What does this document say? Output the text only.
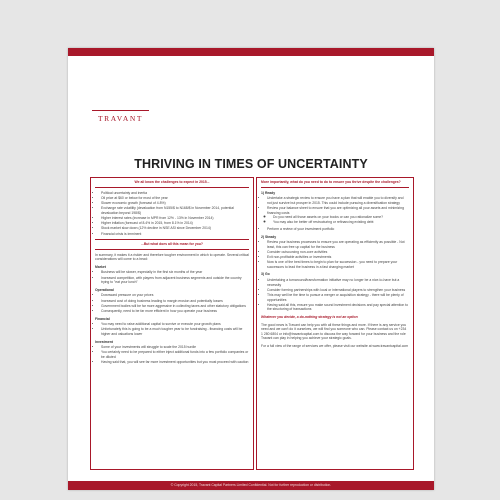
TRAVANT
THRIVING IN TIMES OF UNCERTAINTY
We all know the challenges to expect in 2015...
• Political uncertainty and inertia
• Oil price at $60 or below for most of the year
• Slower economic growth (forecast of 4.8%)
• Exchange rate volatility (devaluation from N155/$ to N168/$ in November 2014, potential devaluation beyond 198/$)
• Higher interest rates (increase in MPR from 12% - 13% in November 2014)
• Higher inflation (forecast of 8.4% in 2015, from 8.1% in 2014)
• Stock market slow down (12% decline in NSE ASI since December 2014)
• Financial crisis is imminent
...But what does all this mean for you?

In summary, it makes it a riskier and therefore tougher environment in which to operate. Several critical considerations will come to a head:

Market
• Business will be slower, especially in the first six months of the year
• Increased competition, with players from adjacent business segments and outside the country trying to "eat your lunch"
Operational
• Downward pressure on your prices
• Increased cost of doing business leading to margin erosion and potentially losses
• Government bodies will be far more aggressive in collecting taxes and other statutory obligations
• Consequently, need to be far more efficient in how you operate your business
Financial
• You may need to raise additional capital to survive or execute your growth plans
• Unfortunately this is going to be a much tougher year to be fundraising - financing costs will be higher and valuations lower
Investment
• Some of your investments will struggle to scale the 2015 hurdle
• You certainly need to be prepared to either inject additional funds into a few portfolio companies or be diluted
• Having said that, you will see far more investment opportunities but you must proceed with caution
More importantly, what do you need to do to ensure you thrive despite the challenges?
1) Ready
• Undertake a strategic review to ensure you have a plan that will enable you to diversify and not just survive but prosper in 2015. This could include pursuing a diversification strategy
• Review your balance sheet to ensure that you are optimizing all your assets and minimizing financing costs
◦ Do you need all those assets on your books or can you rationalize some?
◦ You may also be better off restructuring or refinancing existing debt
• Perform a review of your investment portfolio
2) Steady
• Review your business processes to ensure you are operating as efficiently as possible - Not least, this can free up capital for the business
• Consider outsourcing non-core activities
• Exit non-profitable activities or investments
• Now is one of the best times to begin to plan for succession - you need to prepare your successors to lead the business in a fast changing market
3) Go
• Undertaking a turnaround/transformation initiative may no longer be a nice-to-have but a necessity
• Consider forming partnerships with local or international players to strengthen your business
• This may well be the time to pursue a merger or acquisition strategy - there will be plenty of opportunities
• Having said all this, ensure you make sound investment decisions and pay special attention to the structuring of transactions
Whatever you decide, a do-nothing strategy is not an option

The good news is Travant can help you with all these things and more. If there is any service you need and we can't do it ourselves, we will find you someone who can. Please contact us on +234 1 280 6804 or info@travantcapital.com to discuss the way forward for your business and the role Travant can play in helping you achieve your strategic goals.

For a full view of the range of services we offer, please visit our website at www.travantcapital.com

© Copyright 2015, Travant Capital Partners Limited Confidential. Not for further reproduction or distribution.
